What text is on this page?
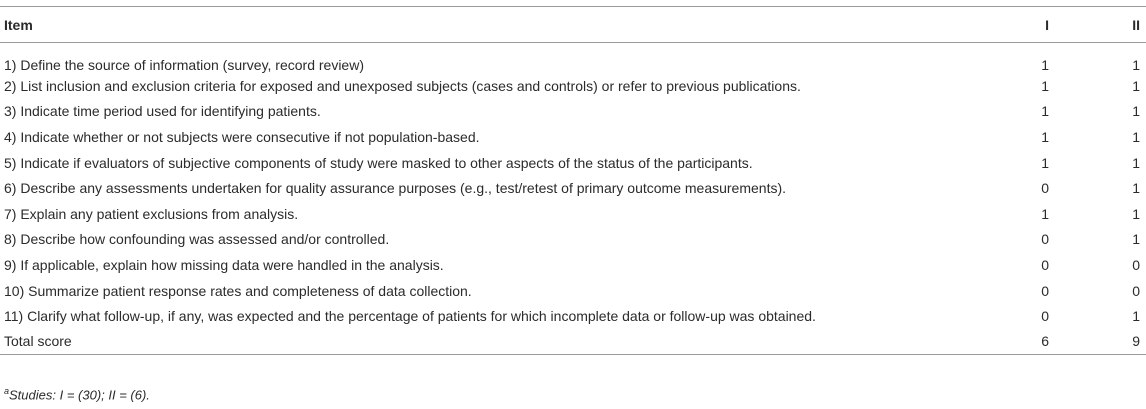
Item	I	II
1) Define the source of information (survey, record review)	1	1
2) List inclusion and exclusion criteria for exposed and unexposed subjects (cases and controls) or refer to previous publications.	1	1
3) Indicate time period used for identifying patients.	1	1
4) Indicate whether or not subjects were consecutive if not population-based.	1	1
5) Indicate if evaluators of subjective components of study were masked to other aspects of the status of the participants.	1	1
6) Describe any assessments undertaken for quality assurance purposes (e.g., test/retest of primary outcome measurements).	0	1
7) Explain any patient exclusions from analysis.	1	1
8) Describe how confounding was assessed and/or controlled.	0	1
9) If applicable, explain how missing data were handled in the analysis.	0	0
10) Summarize patient response rates and completeness of data collection.	0	0
11) Clarify what follow-up, if any, was expected and the percentage of patients for which incomplete data or follow-up was obtained.	0	1
Total score	6	9
$^a$Studies: I = (30); II = (6).
